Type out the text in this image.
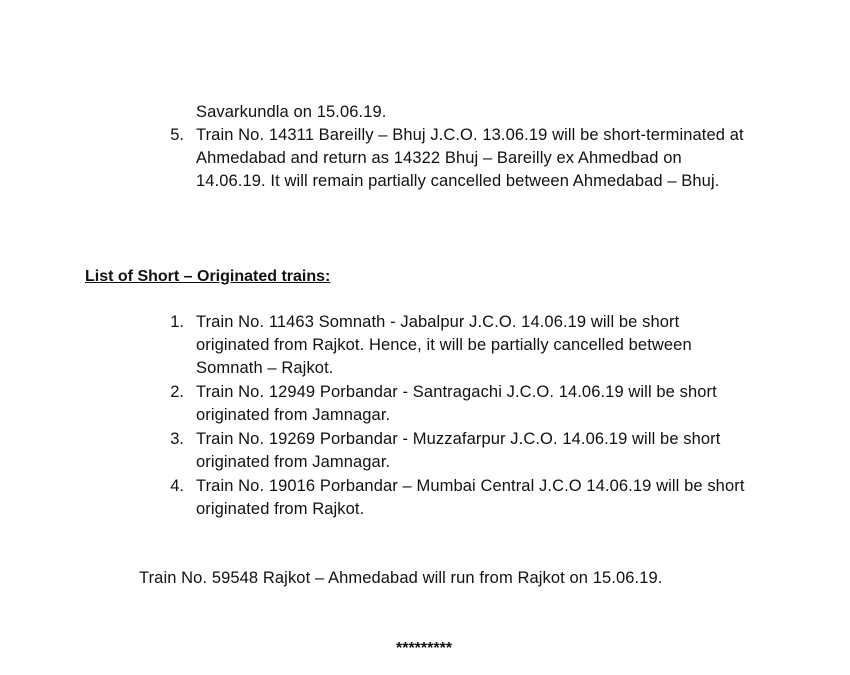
Savarkundla on 15.06.19.
5. Train No. 14311 Bareilly – Bhuj J.C.O. 13.06.19 will be short-terminated at
Ahmedabad and return as 14322 Bhuj – Bareilly ex Ahmedbad on
14.06.19. It will remain partially cancelled between Ahmedabad – Bhuj.
List of Short – Originated trains:
1. Train No. 11463 Somnath - Jabalpur J.C.O. 14.06.19 will be short
originated from Rajkot. Hence, it will be partially cancelled between
Somnath – Rajkot.
2. Train No. 12949 Porbandar - Santragachi J.C.O. 14.06.19 will be short
originated from Jamnagar.
3. Train No. 19269 Porbandar - Muzzafarpur J.C.O. 14.06.19 will be short
originated from Jamnagar.
4. Train No. 19016 Porbandar – Mumbai Central J.C.O 14.06.19 will be short
originated from Rajkot.
Train No. 59548 Rajkot – Ahmedabad will run from Rajkot on 15.06.19.
*********
